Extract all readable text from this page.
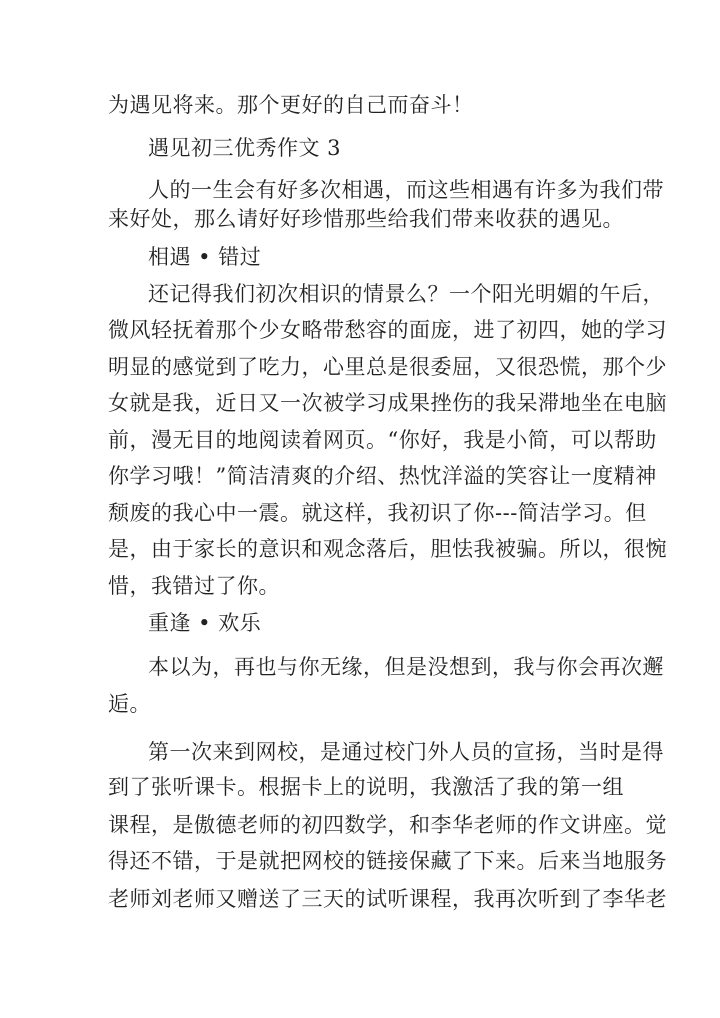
为遇见将来。那个更好的自己而奋斗！
遇见初三优秀作文 3
人的一生会有好多次相遇，而这些相遇有许多为我们带
来好处，那么请好好珍惜那些给我们带来收获的遇见。
相遇 • 错过
还记得我们初次相识的情景么？一个阳光明媚的午后，
微风轻抚着那个少女略带愁容的面庞，进了初四，她的学习
明显的感觉到了吃力，心里总是很委屈，又很恐慌，那个少
女就是我，近日又一次被学习成果挫伤的我呆滞地坐在电脑
前，漫无目的地阅读着网页。“你好，我是小简，可以帮助
你学习哦！”简洁清爽的介绍、热忱洋溢的笑容让一度精神
颓废的我心中一震。就这样，我初识了你---简洁学习。但
是，由于家长的意识和观念落后，胆怯我被骗。所以，很惋
惜，我错过了你。
重逢 • 欢乐
本以为，再也与你无缘，但是没想到，我与你会再次邂
逅。
第一次来到网校，是通过校门外人员的宣扬，当时是得
到了张听课卡。根据卡上的说明，我激活了我的第一组
课程，是傲德老师的初四数学，和李华老师的作文讲座。觉
得还不错，于是就把网校的链接保藏了下来。后来当地服务
老师刘老师又赠送了三天的试听课程，我再次听到了李华老
